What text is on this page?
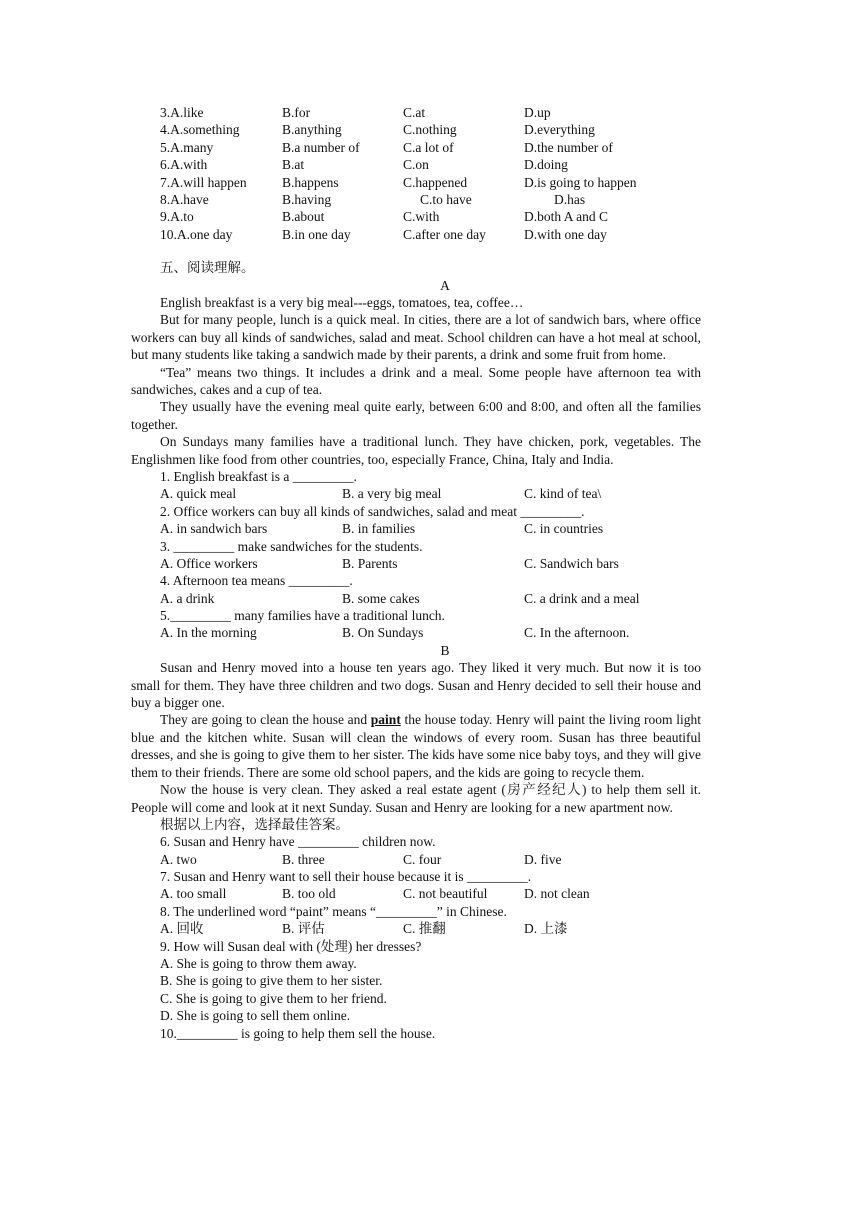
3.A.like	B.for	C.at	D.up
4.A.something	B.anything	C.nothing	D.everything
5.A.many	B.a number of	C.a lot of	D.the number of
6.A.with	B.at	C.on	D.doing
7.A.will happen	B.happens	C.happened	D.is going to happen
8.A.have	B.having	C.to have	D.has
9.A.to	B.about	C.with	D.both A and C
10.A.one day	B.in one day	C.after one day	D.with one day
五、阅读理解。
A
English breakfast is a very big meal---eggs, tomatoes, tea, coffee…
But for many people, lunch is a quick meal. In cities, there are a lot of sandwich bars, where office workers can buy all kinds of sandwiches, salad and meat. School children can have a hot meal at school, but many students like taking a sandwich made by their parents, a drink and some fruit from home.
“Tea” means two things. It includes a drink and a meal. Some people have afternoon tea with sandwiches, cakes and a cup of tea.
They usually have the evening meal quite early, between 6:00 and 8:00, and often all the families together.
On Sundays many families have a traditional lunch. They have chicken, pork, vegetables. The Englishmen like food from other countries, too, especially France, China, Italy and India.
1. English breakfast is a _________.
A. quick meal	B. a very big meal	C. kind of tea\
2. Office workers can buy all kinds of sandwiches, salad and meat _________.
A. in sandwich bars	B. in families	C. in countries
3. _________ make sandwiches for the students.
A. Office workers	B. Parents	C. Sandwich bars
4. Afternoon tea means _________.
A. a drink	B. some cakes	C. a drink and a meal
5._________ many families have a traditional lunch.
A. In the morning	B. On Sundays	C. In the afternoon.
B
Susan and Henry moved into a house ten years ago. They liked it very much. But now it is too small for them. They have three children and two dogs. Susan and Henry decided to sell their house and buy a bigger one.
They are going to clean the house and paint the house today. Henry will paint the living room light blue and the kitchen white. Susan will clean the windows of every room. Susan has three beautiful dresses, and she is going to give them to her sister. The kids have some nice baby toys, and they will give them to their friends. There are some old school papers, and the kids are going to recycle them.
Now the house is very clean. They asked a real estate agent (房产经纪人) to help them sell it. People will come and look at it next Sunday. Susan and Henry are looking for a new apartment now.
根据以上内容，选择最佳答案。
6. Susan and Henry have _________ children now.
A. two	B. three	C. four	D. five
7. Susan and Henry want to sell their house because it is _________.
A. too small	B. too old	C. not beautiful	D. not clean
8. The underlined word “paint” means “_________” in Chinese.
A. 回收	B. 评估	C. 推翻	D. 上漆
9. How will Susan deal with (处理) her dresses?
A. She is going to throw them away.
B. She is going to give them to her sister.
C. She is going to give them to her friend.
D. She is going to sell them online.
10._________ is going to help them sell the house.
